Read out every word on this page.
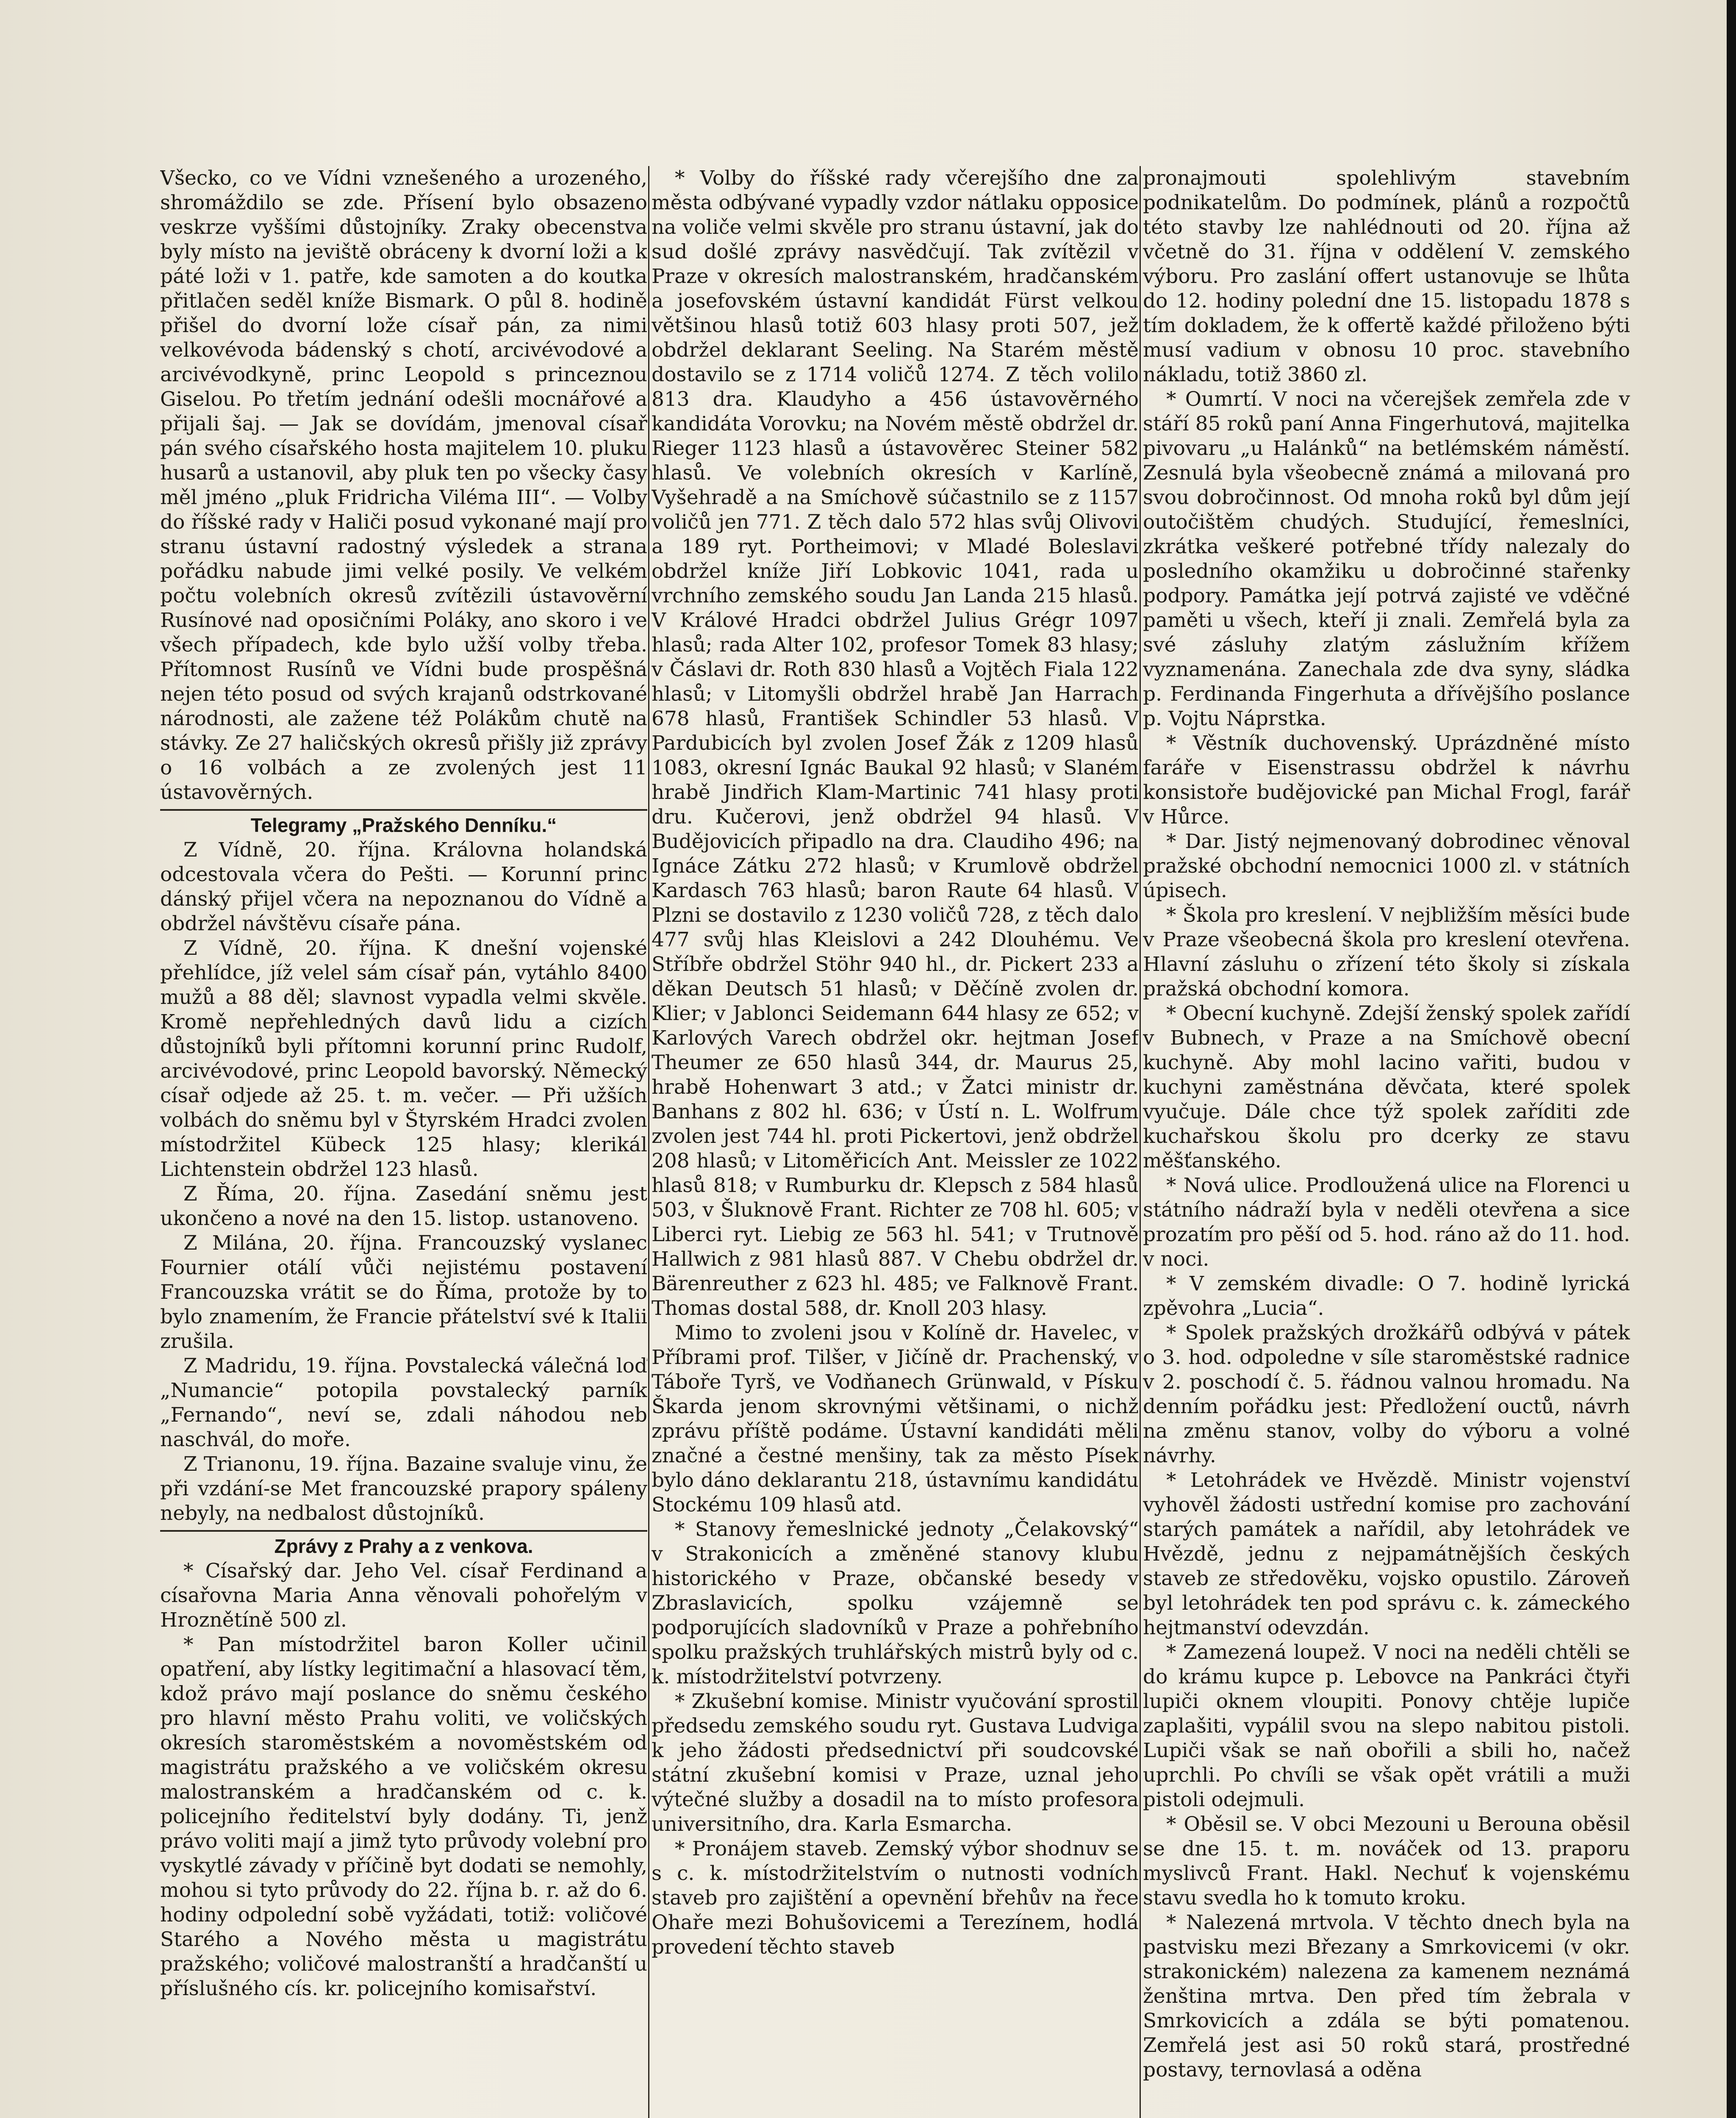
Všecko, co ve Vídni vznešeného a urozeného, shromáždilo se zde. Přísení bylo obsazeno veskrze vyššími důstojníky. Zraky obecenstva byly místo na jeviště obráceny k dvorní loži a k páté loži v 1. patře, kde samoten a do koutka přitlačen seděl kníže Bismark. O půl 8. hodině přišel do dvorní lože císař pán, za nimi velkovévoda bádenský s chotí, arcivévodové a arcivévodkyně, princ Leopold s princeznou Giselou. Po třetím jednání odešli mocnářové a přijali šaj. — Jak se dovídám, jmenoval císař pán svého císařského hosta majitelem 10. pluku husarů a ustanovil, aby pluk ten po všecky časy měl jméno „pluk Fridricha Viléma III“. — Volby do říšské rady v Haliči posud vykonané mají pro stranu ústavní radostný výsledek a strana pořádku nabude jimi velké posily. Ve velkém počtu volebních okresů zvítězili ústavověrní Rusínové nad oposičními Poláky, ano skoro i ve všech případech, kde bylo užší volby třeba. Přítomnost Rusínů ve Vídni bude prospěšná nejen této posud od svých krajanů odstrkované národnosti, ale zažene též Polákům chutě na stávky. Ze 27 haličských okresů přišly již zprávy o 16 volbách a ze zvolených jest 11 ústavověrných.

Telegramy „Pražského Denníku.“

Z Vídně, 20. října. Královna holandská odcestovala včera do Pešti. — Korunní princ dánský přijel včera na nepoznanou do Vídně a obdržel návštěvu císaře pána.

Z Vídně, 20. října. K dnešní vojenské přehlídce, jíž velel sám císař pán, vytáhlo 8400 mužů a 88 děl; slavnost vypadla velmi skvěle. Kromě nepřehledných davů lidu a cizích důstojníků byli přítomni korunní princ Rudolf, arcivévodové, princ Leopold bavorský. Německý císař odjede až 25. t. m. večer. — Při užších volbách do sněmu byl v Štyrském Hradci zvolen místodržitel Kübeck 125 hlasy; klerikál Lichtenstein obdržel 123 hlasů.

Z Říma, 20. října. Zasedání sněmu jest ukončeno a nové na den 15. listop. ustanoveno.

Z Milána, 20. října. Francouzský vyslanec Fournier otálí vůči nejistému postavení Francouzska vrátit se do Říma, protože by to bylo znamením, že Francie přátelství své k Italii zrušila.

Z Madridu, 19. října. Povstalecká válečná loď „Numancie“ potopila povstalecký parník „Fernando“, neví se, zdali náhodou neb naschvál, do moře.

Z Trianonu, 19. října. Bazaine svaluje vinu, že při vzdání-se Met francouzské prapory spáleny nebyly, na nedbalost důstojníků.

Zprávy z Prahy a z venkova.

* Císařský dar. Jeho Vel. císař Ferdinand a císařovna Maria Anna věnovali pohořelým v Hroznětíně 500 zl.

* Pan místodržitel baron Koller učinil opatření, aby lístky legitimační a hlasovací těm, kdož právo mají poslance do sněmu českého pro hlavní město Prahu voliti, ve voličských okresích staroměstském a novoměstském od magistrátu pražského a ve voličském okresu malostranském a hradčanském od c. k. policejního ředitelství byly dodány. Ti, jenž právo voliti mají a jimž tyto průvody volební pro vyskytlé závady v příčině byt dodati se nemohly, mohou si tyto průvody do 22. října b. r. až do 6. hodiny odpolední sobě vyžádati, totiž: voličové Starého a Nového města u magistrátu pražského; voličové malostranští a hradčanští u příslušného cís. kr. policejního komisařství.

* Volby do říšské rady včerejšího dne za města odbývané vypadly vzdor nátlaku opposice na voliče velmi skvěle pro stranu ústavní, jak do sud došlé zprávy nasvědčují. Tak zvítězil v Praze v okresích malostranském, hradčanském a josefovském ústavní kandidát Fürst velkou většinou hlasů totiž 603 hlasy proti 507, jež obdržel deklarant Seeling. Na Starém městě dostavilo se z 1714 voličů 1274. Z těch volilo 813 dra. Klaudyho a 456 ústavověrného kandidáta Vorovku; na Novém městě obdržel dr. Rieger 1123 hlasů a ústavověrec Steiner 582 hlasů. Ve volebních okresích v Karlíně, Vyšehradě a na Smíchově súčastnilo se z 1157 voličů jen 771. Z těch dalo 572 hlas svůj Olivovi a 189 ryt. Portheimovi; v Mladé Boleslavi obdržel kníže Jiří Lobkovic 1041, rada u vrchního zemského soudu Jan Landa 215 hlasů. V Králové Hradci obdržel Julius Grégr 1097 hlasů; rada Alter 102, profesor Tomek 83 hlasy; v Čáslavi dr. Roth 830 hlasů a Vojtěch Fiala 122 hlasů; v Litomyšli obdržel hrabě Jan Harrach 678 hlasů, František Schindler 53 hlasů. V Pardubicích byl zvolen Josef Žák z 1209 hlasů 1083, okresní Ignác Baukal 92 hlasů; v Slaném hrabě Jindřich Klam-Martinic 741 hlasy proti dru. Kučerovi, jenž obdržel 94 hlasů. V Budějovicích připadlo na dra. Claudiho 496; na Ignáce Zátku 272 hlasů; v Krumlově obdržel Kardasch 763 hlasů; baron Raute 64 hlasů. V Plzni se dostavilo z 1230 voličů 728, z těch dalo 477 svůj hlas Kleislovi a 242 Dlouhému. Ve Stříbře obdržel Stöhr 940 hl., dr. Pickert 233 a děkan Deutsch 51 hlasů; v Děčíně zvolen dr. Klier; v Jablonci Seidemann 644 hlasy ze 652; v Karlových Varech obdržel okr. hejtman Josef Theumer ze 650 hlasů 344, dr. Maurus 25, hrabě Hohenwart 3 atd.; v Žatci ministr dr. Banhans z 802 hl. 636; v Ústí n. L. Wolfrum zvolen jest 744 hl. proti Pickertovi, jenž obdržel 208 hlasů; v Litoměřicích Ant. Meissler ze 1022 hlasů 818; v Rumburku dr. Klepsch z 584 hlasů 503, v Šluknově Frant. Richter ze 708 hl. 605; v Liberci ryt. Liebig ze 563 hl. 541; v Trutnově Hallwich z 981 hlasů 887. V Chebu obdržel dr. Bärenreuther z 623 hl. 485; ve Falknově Frant. Thomas dostal 588, dr. Knoll 203 hlasy.

Mimo to zvoleni jsou v Kolíně dr. Havelec, v Příbrami prof. Tilšer, v Jičíně dr. Prachenský, v Táboře Tyrš, ve Vodňanech Grünwald, v Písku Škarda jenom skrovnými většinami, o nichž zprávu příště podáme. Ústavní kandidáti měli značné a čestné menšiny, tak za město Písek bylo dáno deklarantu 218, ústavnímu kandidátu Stockému 109 hlasů atd.

* Stanovy řemeslnické jednoty „Čelakovský“ v Strakonicích a změněné stanovy klubu historického v Praze, občanské besedy v Zbraslavicích, spolku vzájemně se podporujících sladovníků v Praze a pohřebního spolku pražských truhlářských mistrů byly od c. k. místodržitelství potvrzeny.

* Zkušební komise. Ministr vyučování sprostil předsedu zemského soudu ryt. Gustava Ludviga k jeho žádosti předsednictví při soudcovské státní zkušební komisi v Praze, uznal jeho výtečné služby a dosadil na to místo profesora universitního, dra. Karla Esmarcha.

* Pronájem staveb. Zemský výbor shodnuv se s c. k. místodržitelstvím o nutnosti vodních staveb pro zajištění a opevnění břehův na řece Ohaře mezi Bohušovicemi a Terezínem, hodlá provedení těchto staveb

pronajmouti spolehlivým stavebním podnikatelům. Do podmínek, plánů a rozpočtů této stavby lze nahlédnouti od 20. října až včetně do 31. října v oddělení V. zemského výboru. Pro zaslání offert ustanovuje se lhůta do 12. hodiny polední dne 15. listopadu 1878 s tím dokladem, že k offertě každé přiloženo býti musí vadium v obnosu 10 proc. stavebního nákladu, totiž 3860 zl.

* Oumrtí. V noci na včerejšek zemřela zde v stáří 85 roků paní Anna Fingerhutová, majitelka pivovaru „u Halánků“ na betlémském náměstí. Zesnulá byla všeobecně známá a milovaná pro svou dobročinnost. Od mnoha roků byl dům její outočištěm chudých. Studující, řemeslníci, zkrátka veškeré potřebné třídy nalezaly do posledního okamžiku u dobročinné stařenky podpory. Památka její potrvá zajisté ve vděčné paměti u všech, kteří ji znali. Zemřelá byla za své zásluhy zlatým záslužním křížem vyznamenána. Zanechala zde dva syny, sládka p. Ferdinanda Fingerhuta a dřívějšího poslance p. Vojtu Náprstka.

* Věstník duchovenský. Uprázdněné místo faráře v Eisenstrassu obdržel k návrhu konsistoře budějovické pan Michal Frogl, farář v Hůrce.

* Dar. Jistý nejmenovaný dobrodinec věnoval pražské obchodní nemocnici 1000 zl. v státních úpisech.

* Škola pro kreslení. V nejbližším měsíci bude v Praze všeobecná škola pro kreslení otevřena. Hlavní zásluhu o zřízení této školy si získala pražská obchodní komora.

* Obecní kuchyně. Zdejší ženský spolek zařídí v Bubnech, v Praze a na Smíchově obecní kuchyně. Aby mohl lacino vařiti, budou v kuchyni zaměstnána děvčata, které spolek vyučuje. Dále chce týž spolek zaříditi zde kuchařskou školu pro dcerky ze stavu měšťanského.

* Nová ulice. Prodloužená ulice na Florenci u státního nádraží byla v neděli otevřena a sice prozatím pro pěší od 5. hod. ráno až do 11. hod. v noci.

* V zemském divadle: O 7. hodině lyrická zpěvohra „Lucia“.

* Spolek pražských drožkářů odbývá v pátek o 3. hod. odpoledne v síle staroměstské radnice v 2. poschodí č. 5. řádnou valnou hromadu. Na denním pořádku jest: Předložení ouctů, návrh na změnu stanov, volby do výboru a volné návrhy.

* Letohrádek ve Hvězdě. Ministr vojenství vyhověl žádosti ustřední komise pro zachování starých památek a nařídil, aby letohrádek ve Hvězdě, jednu z nejpamátnějších českých staveb ze středověku, vojsko opustilo. Zároveň byl letohrádek ten pod správu c. k. zámeckého hejtmanství odevzdán.

* Zamezená loupež. V noci na neděli chtěli se do krámu kupce p. Lebovce na Pankráci čtyři lupiči oknem vloupiti. Ponovy chtěje lupiče zaplašiti, vypálil svou na slepo nabitou pistoli. Lupiči však se naň obořili a sbili ho, načež uprchli. Po chvíli se však opět vrátili a muži pistoli odejmuli.

* Oběsil se. V obci Mezouni u Berouna oběsil se dne 15. t. m. nováček od 13. praporu myslivců Frant. Hakl. Nechuť k vojenskému stavu svedla ho k tomuto kroku.

* Nalezená mrtvola. V těchto dnech byla na pastvisku mezi Březany a Smrkovicemi (v okr. strakonickém) nalezena za kamenem neznámá ženština mrtva. Den před tím žebrala v Smrkovicích a zdála se býti pomatenou. Zemřelá jest asi 50 roků stará, prostředné postavy, ternovlasá a oděna
